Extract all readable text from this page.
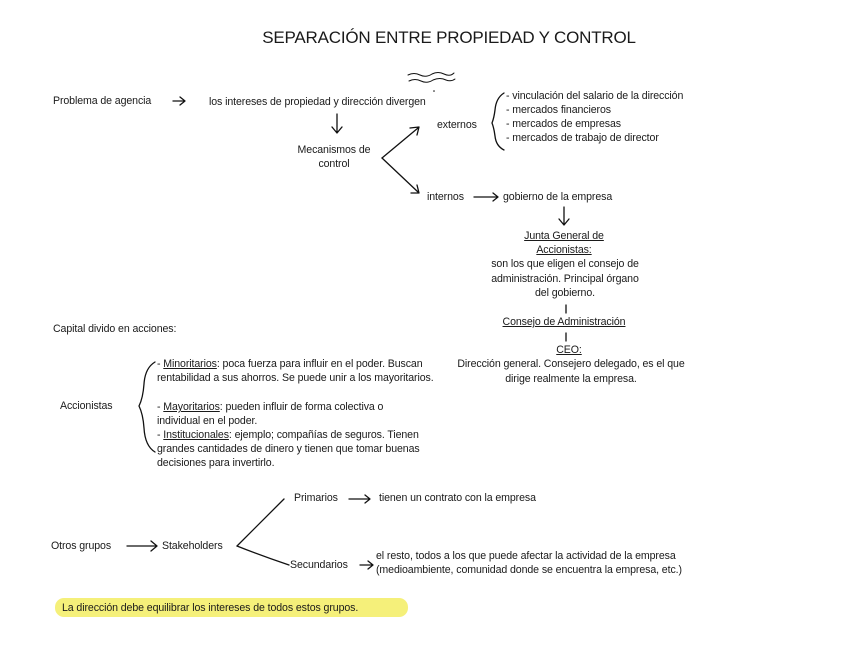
SEPARACIÓN ENTRE PROPIEDAD Y CONTROL
Problema de agencia	los intereses de propiedad y dirección divergen
Mecanismos de control
externos
- vinculación del salario de la dirección
- mercados financieros
- mercados de empresas
- mercados de trabajo de director
internos	gobierno de la empresa
Junta General de Accionistas:
son los que eligen el consejo de administración. Principal órgano del gobierno.
Consejo de Administración
CEO:
Dirección general. Consejero delegado, es el que dirige realmente la empresa.
Capital divido en acciones:
Accionistas
- Minoritarios: poca fuerza para influir en el poder. Buscan rentabilidad a sus ahorros. Se puede unir a los mayoritarios.
- Mayoritarios: pueden influir de forma colectiva o individual en el poder.
- Institucionales: ejemplo; compañías de seguros. Tienen grandes cantidades de dinero y tienen que tomar buenas decisiones para invertirlo.
Otros grupos	Stakeholders
Primarios	tienen un contrato con la empresa
Secundarios
el resto, todos a los que puede afectar la actividad de la empresa
(medioambiente, comunidad donde se encuentra la empresa, etc.)
La dirección debe equilibrar los intereses de todos estos grupos.
